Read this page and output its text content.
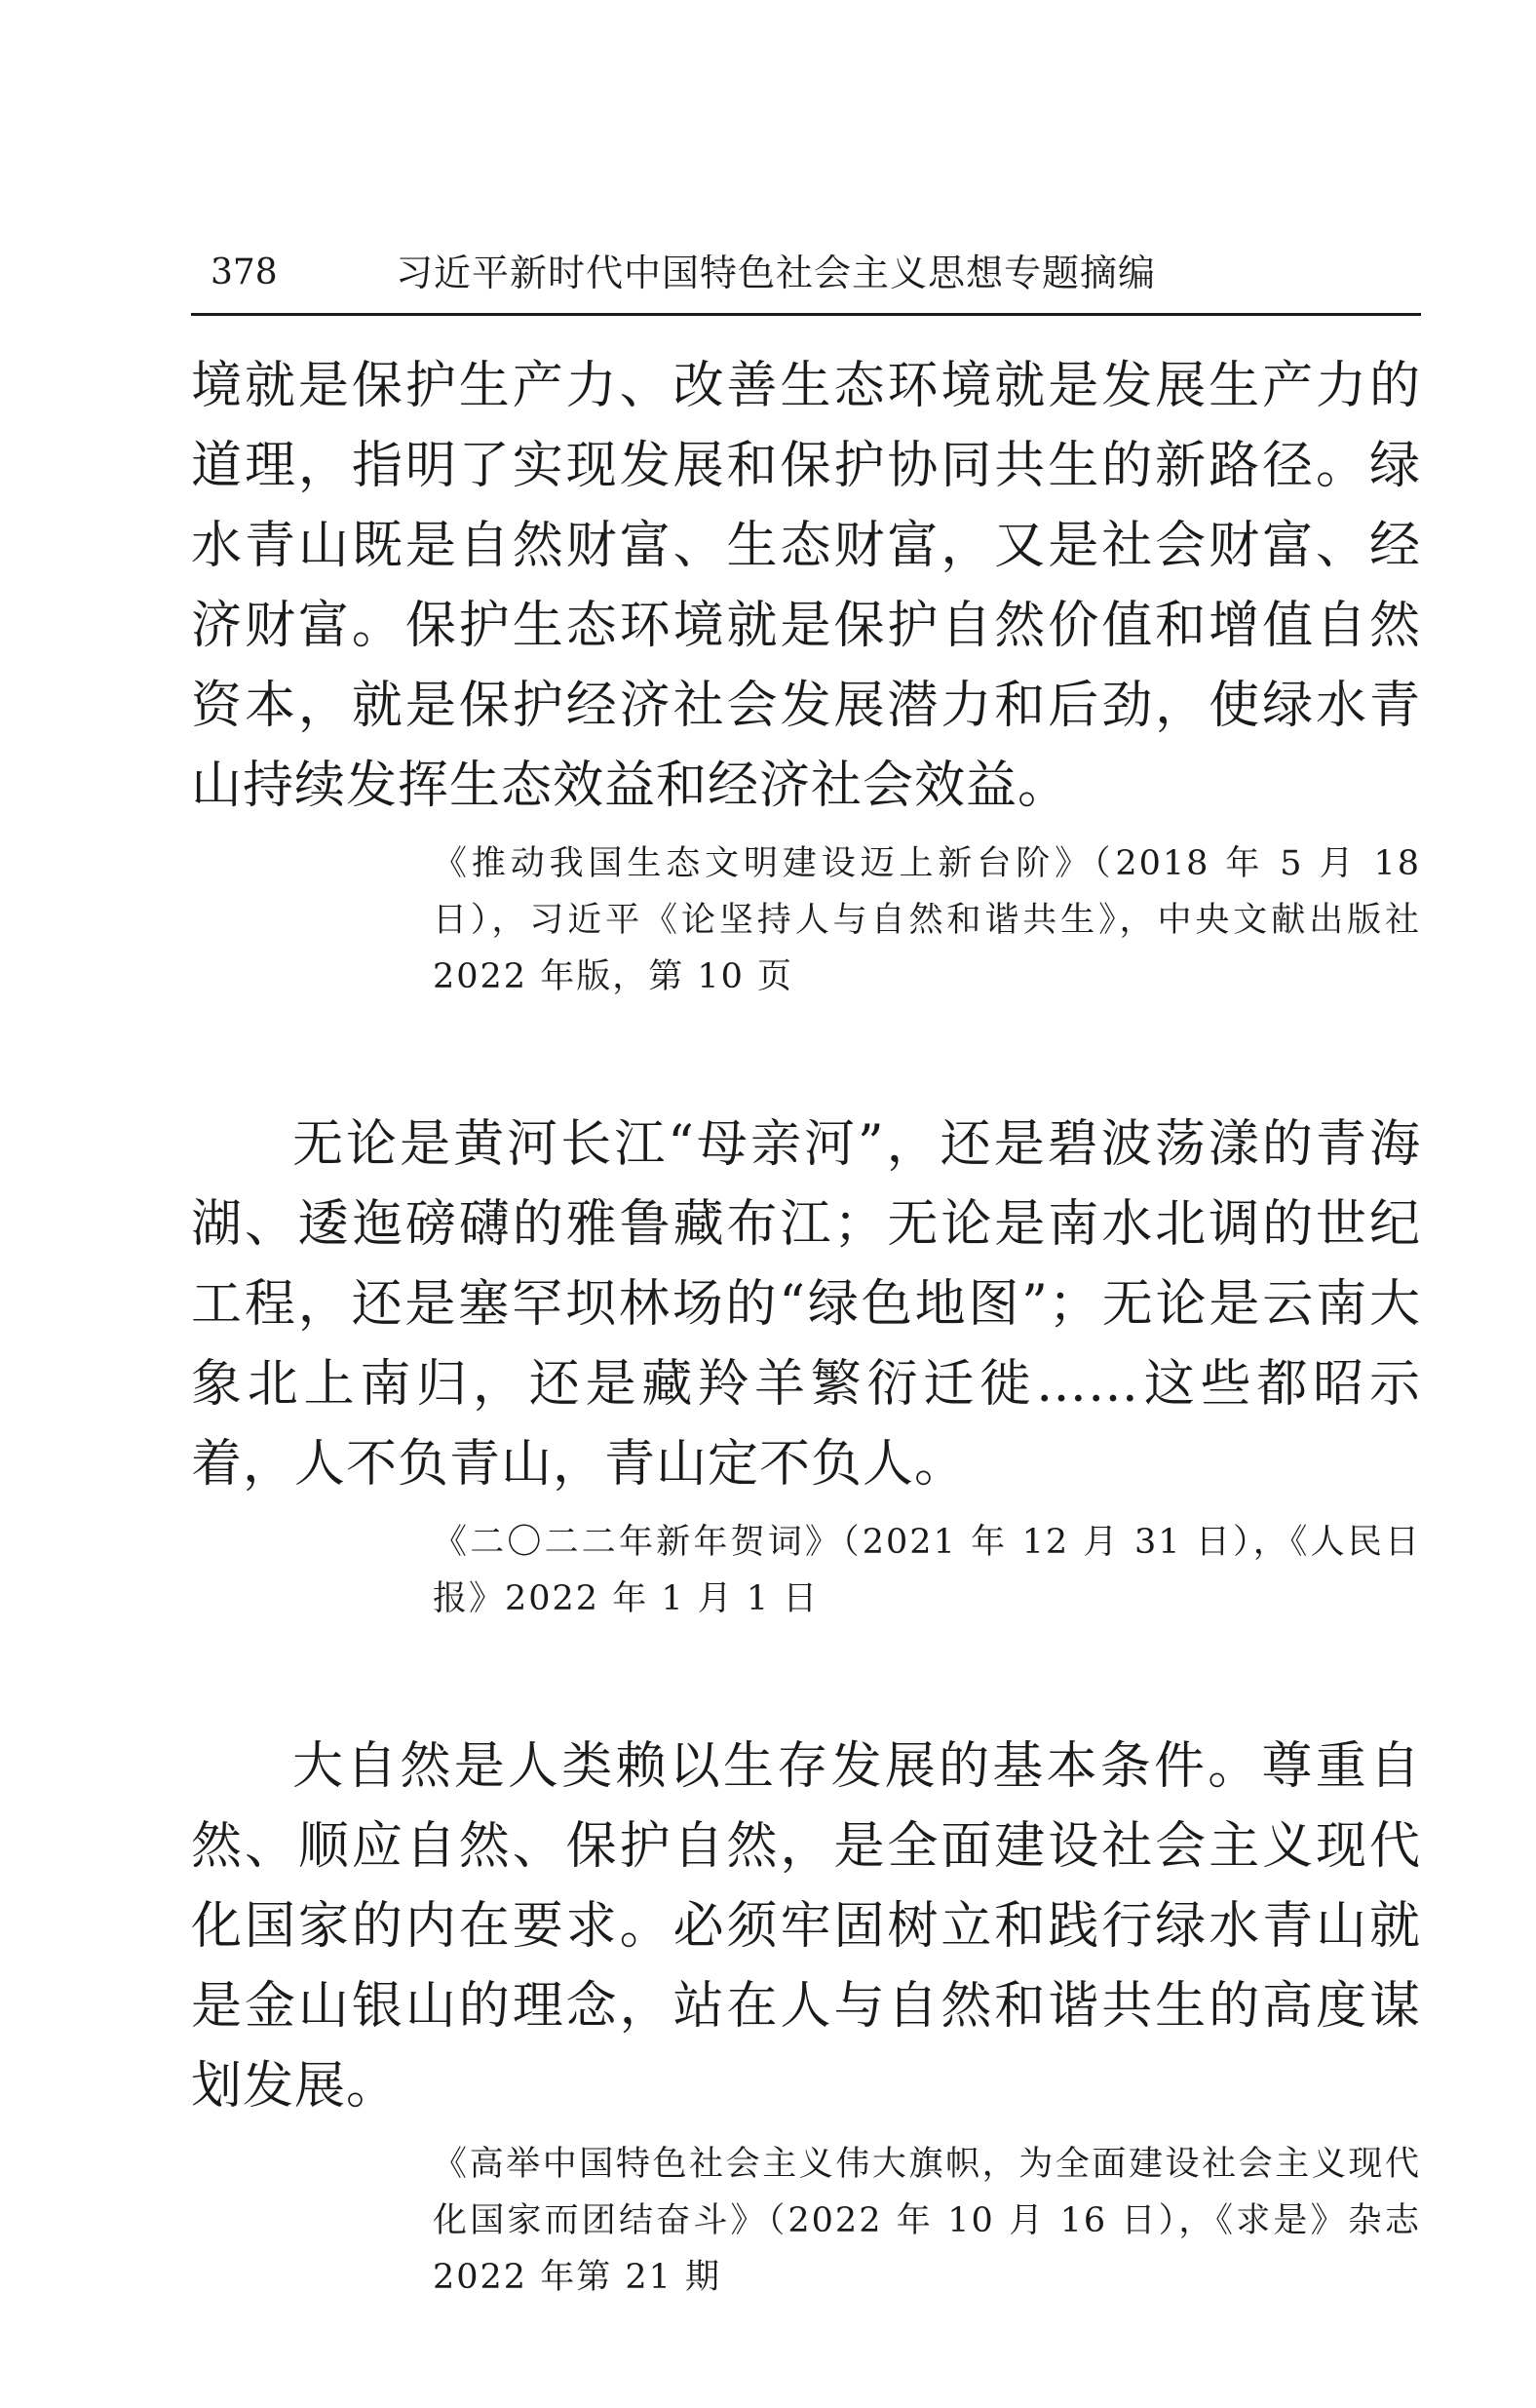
378	习近平新时代中国特色社会主义思想专题摘编

境就是保护生产力、改善生态环境就是发展生产力的道理，指明了实现发展和保护协同共生的新路径。绿水青山既是自然财富、生态财富，又是社会财富、经济财富。保护生态环境就是保护自然价值和增值自然资本，就是保护经济社会发展潜力和后劲，使绿水青山持续发挥生态效益和经济社会效益。

《推动我国生态文明建设迈上新台阶》（2018 年 5 月 18 日），习近平《论坚持人与自然和谐共生》，中央文献出版社 2022 年版，第 10 页

无论是黄河长江“母亲河”，还是碧波荡漾的青海湖、逶迤磅礴的雅鲁藏布江；无论是南水北调的世纪工程，还是塞罕坝林场的“绿色地图”；无论是云南大象北上南归，还是藏羚羊繁衍迁徙……这些都昭示着，人不负青山，青山定不负人。

《二〇二二年新年贺词》（2021 年 12 月 31 日），《人民日报》2022 年 1 月 1 日

大自然是人类赖以生存发展的基本条件。尊重自然、顺应自然、保护自然，是全面建设社会主义现代化国家的内在要求。必须牢固树立和践行绿水青山就是金山银山的理念，站在人与自然和谐共生的高度谋划发展。

《高举中国特色社会主义伟大旗帜，为全面建设社会主义现代化国家而团结奋斗》（2022 年 10 月 16 日），《求是》杂志 2022 年第 21 期
